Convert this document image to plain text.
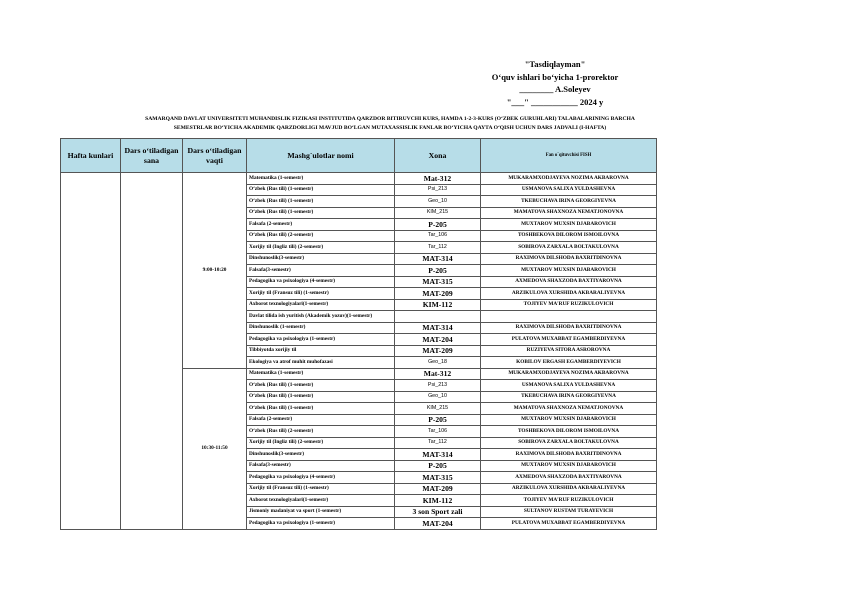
"Tasdiqlayman"
O‘quv ishlari bo‘yicha 1-prorektor
________ A.Soleyev
"___" ___________ 2024 y
SAMARQAND DAVLAT UNIVERSITETI MUHANDISLIK FIZIKASI INSTITUTIDA QARZDOR BITIRUVCHI KURS, HAMDA 1-2-3-KURS (O‘ZBEK GURUHLARI) TALABALARINING BARCHA
SEMESTRLAR BO‘YICHA AKADEMIK QARZDORLIGI MAVJUD BO‘LGAN MUTAXASSISLIK FANLAR BO‘YICHA QAYTA O‘QISH UCHUN DARS JADVALI (I-HAFTA)
Hafta kunlari	Dars o‘tiladigan sana	Dars o‘tiladigan vaqti	Mashg`ulotlar nomi	Xona	Fan o`qituvchisi FISH
		9:00-10:20	Matematika (1-semestr)	Mat-312	MUKARAMXODJAYEVA NOZIMA AKBAROVNA
			O‘zbek (Rus tili) (1-semestr)	Psi_213	USMANOVA SALIXA YULDASHEVNA
			O‘zbek (Rus tili) (1-semestr)	Geo_10	TKEBUCHAVA IRINA GEORGIYEVNA
			O‘zbek (Rus tili) (1-semestr)	KIM_215	MAMATOVA SHAXNOZA NEMATJONOVNA
			Falsafa (2-semestr)	P-205	MUXTAROV MUXSIN DJABAROVICH
			O‘zbek (Rus tili) (2-semestr)	Tar_106	TOSHBEKOVA DILOROM ISMOILOVNA
			Xorijiy til (Ingliz tili) (2-semestr)	Tar_112	SOBIROVA ZARXALA BOLTAKULOVNA
			Dinshunoslik(3-semestr)	MAT-314	RAXIMOVA DILSHODA BAXRITDINOVNA
			Falsafa(3-semestr)	P-205	MUXTAROV MUXSIN DJABAROVICH
			Pedagogika va psixologiya (4-semestr)	MAT-315	AXMEDOVA SHAXZODA BAXTIYAROVNA
			Xorijiy til (Fransuz tili) (1-semestr)	MAT-209	ARZIKULOVA XURSHIDA AKBARALIYEVNA
			Axborot texnologiyalari(1-semestr)	KIM-112	TOJIYEV MA'RUF RUZIKULOVICH
			Davlat tilida ish yuritish (Akademik yozuv)(1-semestr)		
			Dinshunoslik (1-semestr)	MAT-314	RAXIMOVA DILSHODA BAXRITDINOVNA
			Pedagogika va psixologiya (1-semestr)	MAT-204	PULATOVA MUXABBAT EGAMBERDIYEVNA
			Tibbiyotda xorijiy til	MAT-209	RUZIYEVA SITORA ASROROVNA
			Ekologiya va atrof muhit muhofazasi	Geo_18	KOBILOV ERGASH EGAMBERDIYEVICH
		10:30-11:50	Matematika (1-semestr)	Mat-312	MUKARAMXODJAYEVA NOZIMA AKBAROVNA
			O‘zbek (Rus tili) (1-semestr)	Psi_213	USMANOVA SALIXA YULDASHEVNA
			O‘zbek (Rus tili) (1-semestr)	Geo_10	TKEBUCHAVA IRINA GEORGIYEVNA
			O‘zbek (Rus tili) (1-semestr)	KIM_215	MAMATOVA SHAXNOZA NEMATJONOVNA
			Falsafa (2-semestr)	P-205	MUXTAROV MUXSIN DJABAROVICH
			O‘zbek (Rus tili) (2-semestr)	Tar_106	TOSHBEKOVA DILOROM ISMOILOVNA
			Xorijiy til (Ingliz tili) (2-semestr)	Tar_112	SOBIROVA ZARXALA BOLTAKULOVNA
			Dinshunoslik(3-semestr)	MAT-314	RAXIMOVA DILSHODA BAXRITDINOVNA
			Falsafa(3-semestr)	P-205	MUXTAROV MUXSIN DJABAROVICH
			Pedagogika va psixologiya (4-semestr)	MAT-315	AXMEDOVA SHAXZODA BAXTIYAROVNA
			Xorijiy til (Fransuz tili) (1-semestr)	MAT-209	ARZIKULOVA XURSHIDA AKBARALIYEVNA
			Axborot texnologiyalari(1-semestr)	KIM-112	TOJIYEV MA'RUF RUZIKULOVICH
			Jismoniy madaniyat va sport (1-semestr)	3 son Sport zali	SULTANOV RUSTAM TURAYEVICH
			Pedagogika va psixologiya (1-semestr)	MAT-204	PULATOVA MUXABBAT EGAMBERDIYEVNA
